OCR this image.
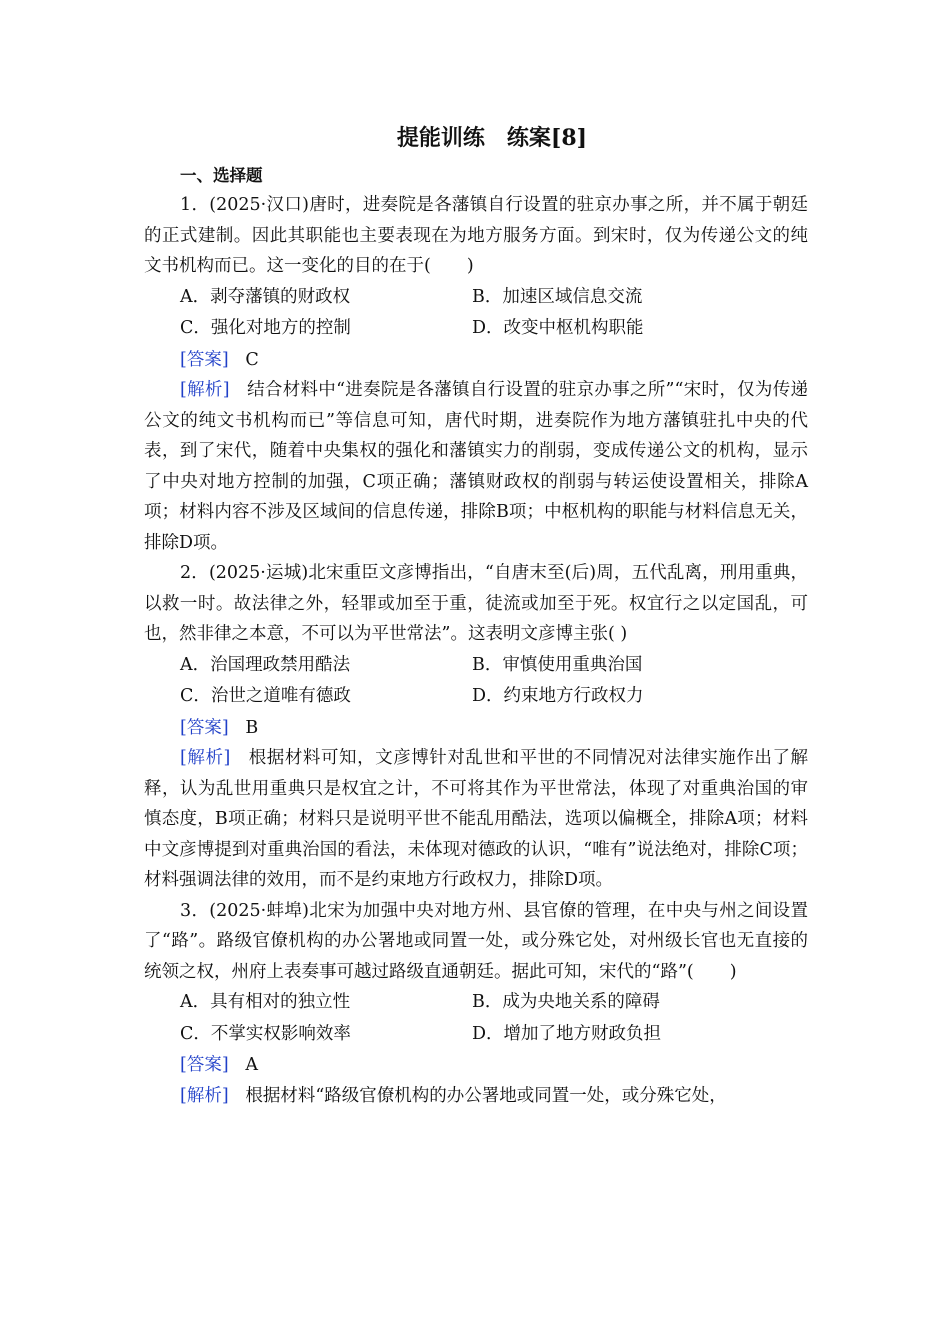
提能训练　练案[8]
一、选择题

1．(2025·汉口)唐时，进奏院是各藩镇自行设置的驻京办事之所，并不属于朝廷的正式建制。因此其职能也主要表现在为地方服务方面。到宋时，仅为传递公文的纯文书机构而已。这一变化的目的在于( )

A．剥夺藩镇的财政权	B．加速区域信息交流
C．强化对地方的控制	D．改变中枢机构职能
[答案] C

[解析] 结合材料中“进奏院是各藩镇自行设置的驻京办事之所”“宋时，仅为传递公文的纯文书机构而已”等信息可知，唐代时期，进奏院作为地方藩镇驻扎中央的代表，到了宋代，随着中央集权的强化和藩镇实力的削弱，变成传递公文的机构，显示了中央对地方控制的加强，C项正确；藩镇财政权的削弱与转运使设置相关，排除A项；材料内容不涉及区域间的信息传递，排除B项；中枢机构的职能与材料信息无关，排除D项。

2．(2025·运城)北宋重臣文彦博指出，“自唐末至(后)周，五代乱离，刑用重典，以救一时。故法律之外，轻罪或加至于重，徒流或加至于死。权宜行之以定国乱，可也，然非律之本意，不可以为平世常法”。这表明文彦博主张( )

A．治国理政禁用酷法	B．审慎使用重典治国
C．治世之道唯有德政	D．约束地方行政权力
[答案] B

[解析] 根据材料可知，文彦博针对乱世和平世的不同情况对法律实施作出了解释，认为乱世用重典只是权宜之计，不可将其作为平世常法，体现了对重典治国的审慎态度，B项正确；材料只是说明平世不能乱用酷法，选项以偏概全，排除A项；材料中文彦博提到对重典治国的看法，未体现对德政的认识，“唯有”说法绝对，排除C项；材料强调法律的效用，而不是约束地方行政权力，排除D项。

3．(2025·蚌埠)北宋为加强中央对地方州、县官僚的管理，在中央与州之间设置了“路”。路级官僚机构的办公署地或同置一处，或分殊它处，对州级长官也无直接的统领之权，州府上表奏事可越过路级直通朝廷。据此可知，宋代的“路”( )

A．具有相对的独立性	B．成为央地关系的障碍
C．不掌实权影响效率	D．增加了地方财政负担
[答案] A

[解析] 根据材料“路级官僚机构的办公署地或同置一处，或分殊它处，
